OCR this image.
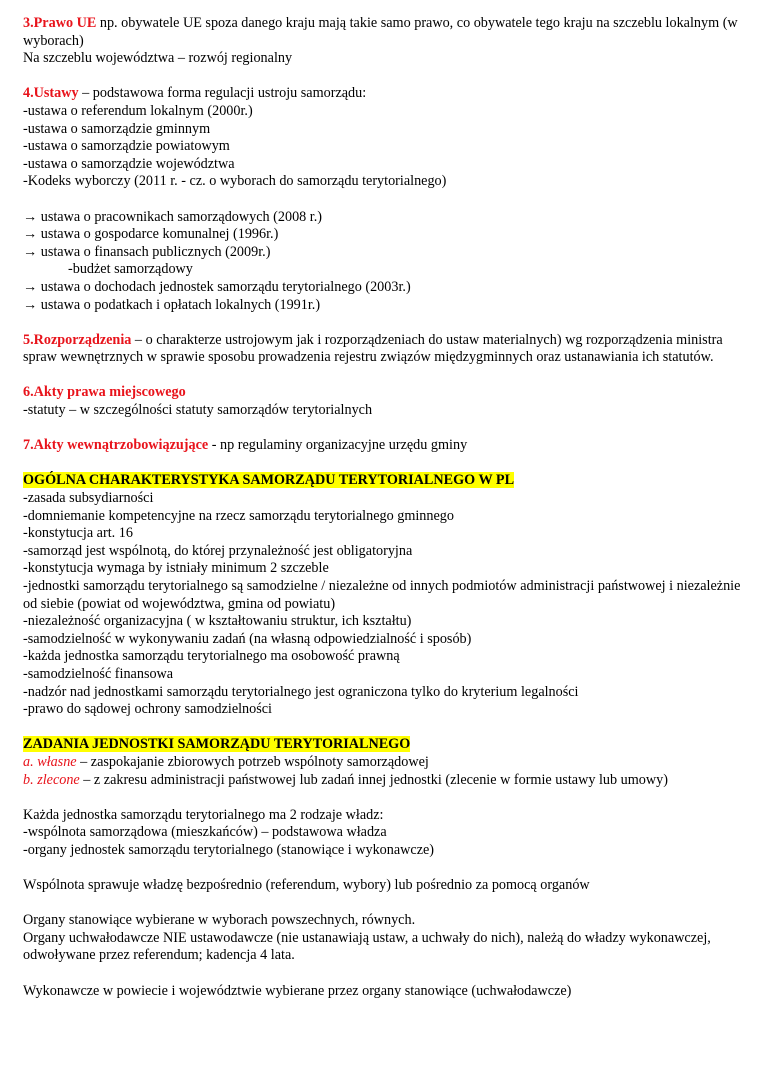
3.Prawo UE np. obywatele UE spoza danego kraju mają takie samo prawo, co obywatele tego kraju na szczeblu lokalnym (w wyborach)
Na szczeblu województwa – rozwój regionalny
4.Ustawy – podstawowa forma regulacji ustroju samorządu:
-ustawa o referendum lokalnym (2000r.)
-ustawa o samorządzie gminnym
-ustawa o samorządzie powiatowym
-ustawa o samorządzie województwa
-Kodeks wyborczy (2011 r. - cz. o wyborach do samorządu terytorialnego)
→ ustawa o pracownikach samorządowych (2008 r.)
→ ustawa o gospodarce komunalnej (1996r.)
→ ustawa o finansach publicznych (2009r.)
-budżet samorządowy
→ ustawa o dochodach jednostek samorządu terytorialnego (2003r.)
→ ustawa o podatkach i opłatach lokalnych (1991r.)
5.Rozporządzenia – o charakterze ustrojowym jak i rozporządzeniach do ustaw materialnych) wg rozporządzenia ministra spraw wewnętrznych w sprawie sposobu prowadzenia rejestru związów międzygminnych oraz ustanawiania ich statutów.
6.Akty prawa miejscowego
-statuty – w szczególności statuty samorządów terytorialnych
7.Akty wewnątrzobowiązujące - np regulaminy organizacyjne urzędu gminy
OGÓLNA CHARAKTERYSTYKA SAMORZĄDU TERYTORIALNEGO W PL
-zasada subsydiarności
-domniemanie kompetencyjne na rzecz samorządu terytorialnego gminnego
-konstytucja art. 16
-samorząd jest wspólnotą, do której przynależność jest obligatoryjna
-konstytucja wymaga by istniały minimum 2 szczeble
-jednostki samorządu terytorialnego są samodzielne / niezależne od innych podmiotów administracji państwowej i niezależnie od siebie (powiat od województwa, gmina od powiatu)
-niezależność organizacyjna ( w kształtowaniu struktur, ich kształtu)
-samodzielność w wykonywaniu zadań (na własną odpowiedzialność i sposób)
-każda jednostka samorządu terytorialnego ma osobowość prawną
-samodzielność finansowa
-nadzór nad jednostkami samorządu terytorialnego jest ograniczona tylko do kryterium legalności
-prawo do sądowej ochrony samodzielności
ZADANIA JEDNOSTKI SAMORZĄDU TERYTORIALNEGO
a. własne – zaspokajanie zbiorowych potrzeb wspólnoty samorządowej
b. zlecone – z zakresu administracji państwowej lub zadań innej jednostki (zlecenie w formie ustawy lub umowy)
Każda jednostka samorządu terytorialnego ma 2 rodzaje władz:
-wspólnota samorządowa (mieszkańców) – podstawowa władza
-organy jednostek samorządu terytorialnego (stanowiące i wykonawcze)
Wspólnota sprawuje władzę bezpośrednio (referendum, wybory) lub pośrednio za pomocą organów
Organy stanowiące wybierane w wyborach powszechnych, równych.
Organy uchwałodawcze NIE ustawodawcze (nie ustanawiają ustaw, a uchwały do nich), należą do władzy wykonawczej, odwoływane przez referendum; kadencja 4 lata.
Wykonawcze w powiecie i województwie wybierane przez organy stanowiące (uchwałodawcze)
